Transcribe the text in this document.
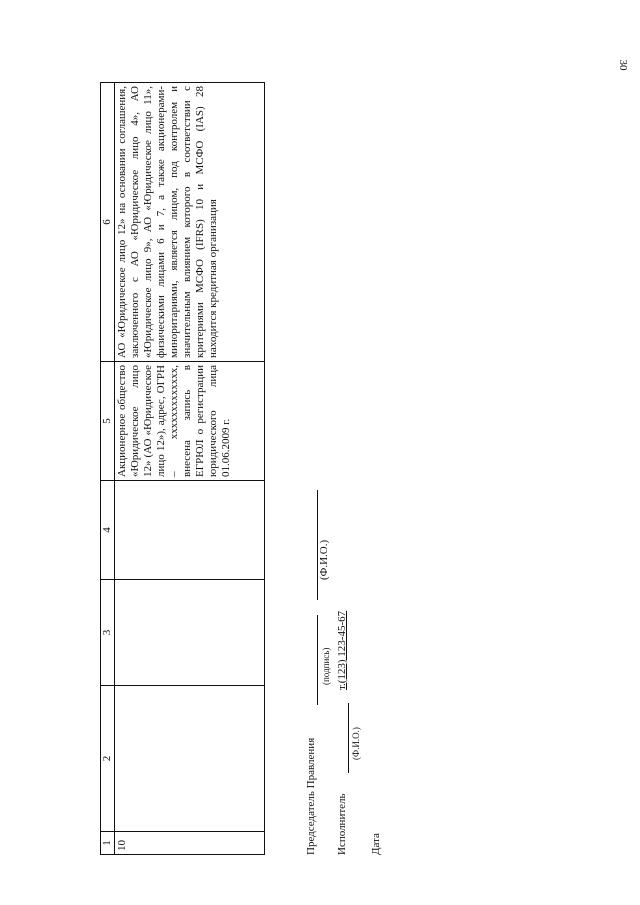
30
1	2	3	4	5	6
10				Акционерное общество «Юридическое лицо 12» (АО «Юридическое лицо 12»), адрес, ОГРН – xxxxxxxxxxxxx, внесена запись в ЕГРЮЛ о регистрации юридического лица 01.06.2009 г.	АО «Юридическое лицо 12» на основании соглашения, заключенного с АО «Юридическое лицо 4», АО «Юридическое лицо 9», АО «Юридическое лицо 11», физическими лицами 6 и 7, а также акционерами-миноритариями, является лицом, под контролем и значительным влиянием которого в соответствии с критериями МСФО (IFRS) 10 и МСФО (IAS) 28 находится кредитная организация
Председатель Правления
(подпись)
(Ф.И.О.)
Исполнитель
(Ф.И.О.)
т.(123) 123-45-67
Дата
